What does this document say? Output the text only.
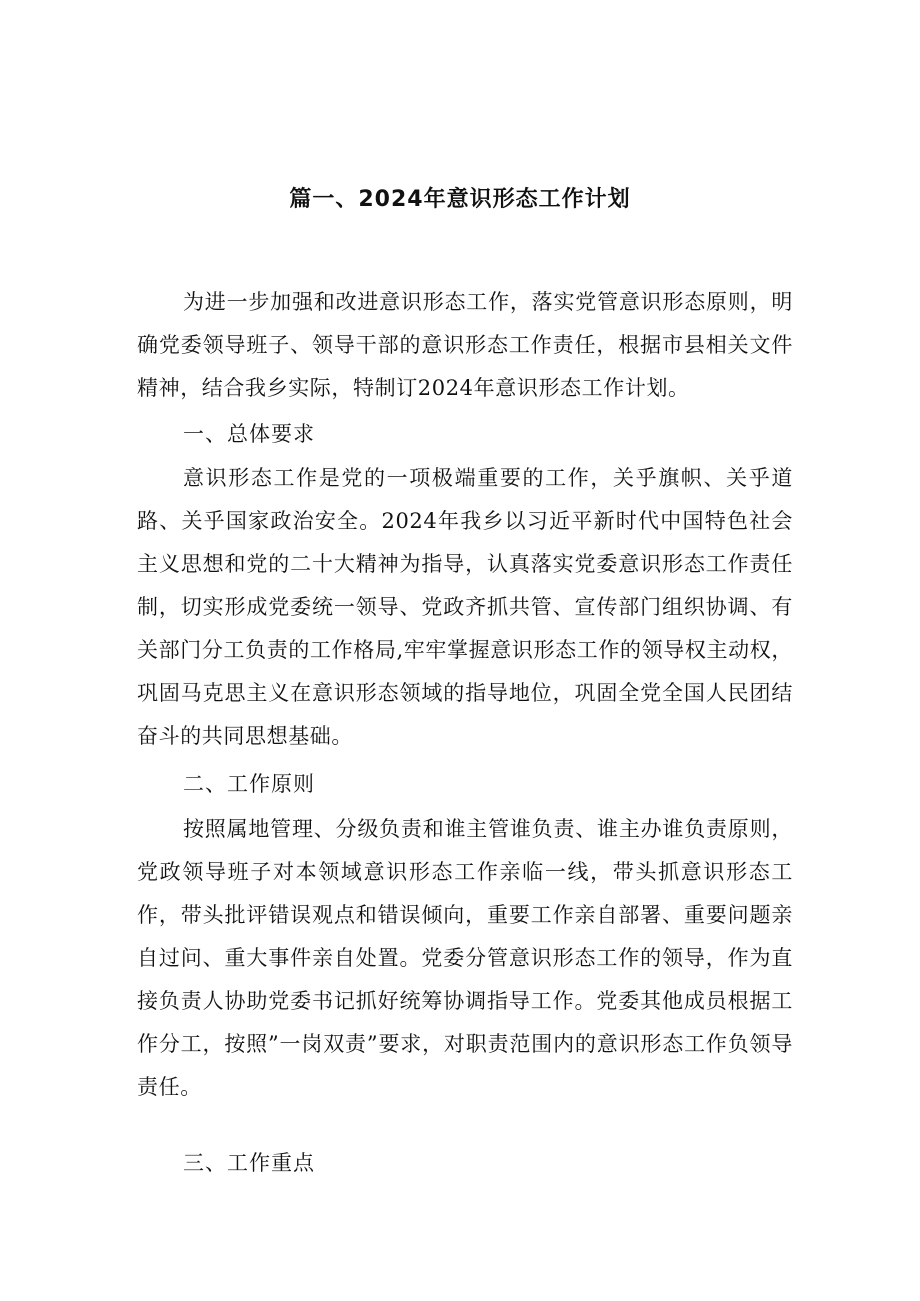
篇一、2024年意识形态工作计划

为进一步加强和改进意识形态工作，落实党管意识形态原则，明确党委领导班子、领导干部的意识形态工作责任，根据市县相关文件精神，结合我乡实际，特制订2024年意识形态工作计划。

一、总体要求

意识形态工作是党的一项极端重要的工作，关乎旗帜、关乎道路、关乎国家政治安全。2024年我乡以习近平新时代中国特色社会主义思想和党的二十大精神为指导，认真落实党委意识形态工作责任制，切实形成党委统一领导、党政齐抓共管、宣传部门组织协调、有关部门分工负责的工作格局,牢牢掌握意识形态工作的领导权主动权，巩固马克思主义在意识形态领域的指导地位，巩固全党全国人民团结奋斗的共同思想基础。

二、工作原则

按照属地管理、分级负责和谁主管谁负责、谁主办谁负责原则，党政领导班子对本领域意识形态工作亲临一线，带头抓意识形态工作，带头批评错误观点和错误倾向，重要工作亲自部署、重要问题亲自过问、重大事件亲自处置。党委分管意识形态工作的领导，作为直接负责人协助党委书记抓好统筹协调指导工作。党委其他成员根据工作分工，按照”一岗双责”要求，对职责范围内的意识形态工作负领导责任。

三、工作重点
